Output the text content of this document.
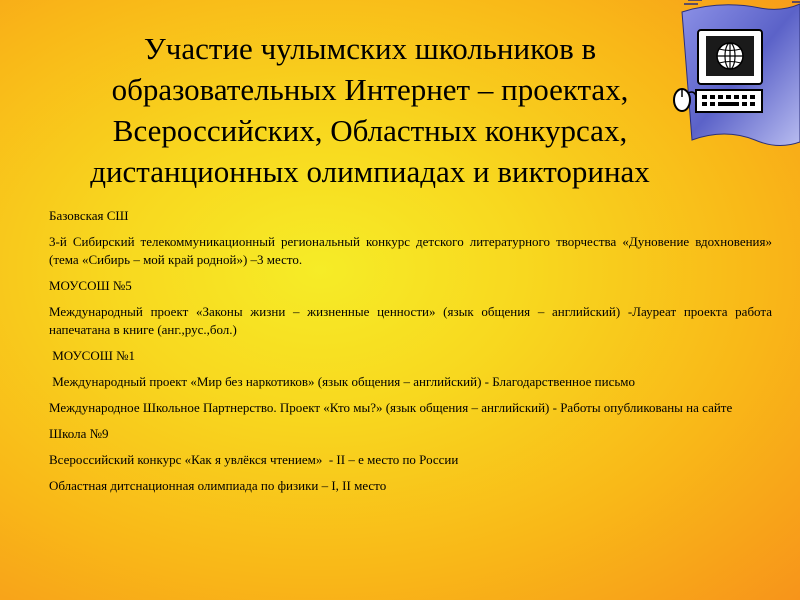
Участие чулымских школьников в
образовательных Интернет – проектах,
Всероссийских, Областных конкурсах,
дистанционных олимпиадах и викторинах

Базовская СШ

3-й Сибирский телекоммуникационный региональный конкурс детского литературного творчества «Дуновение вдохновения» (тема «Сибирь – мой край родной») –3 место.

МОУСОШ №5

Международный проект «Законы жизни – жизненные ценности» (язык общения – английский) -Лауреат проекта работа напечатана в книге (анг.,рус.,бол.)

МОУСОШ №1

Международный проект «Мир без наркотиков» (язык общения – английский) - Благодарственное письмо

Международное Школьное Партнерство. Проект «Кто мы?» (язык общения – английский) - Работы опубликованы на сайте

Школа №9

Всероссийский конкурс «Как я увлёкся чтением»  - II – е место по России

Областная дитснационная олимпиада по физики – I, II место
